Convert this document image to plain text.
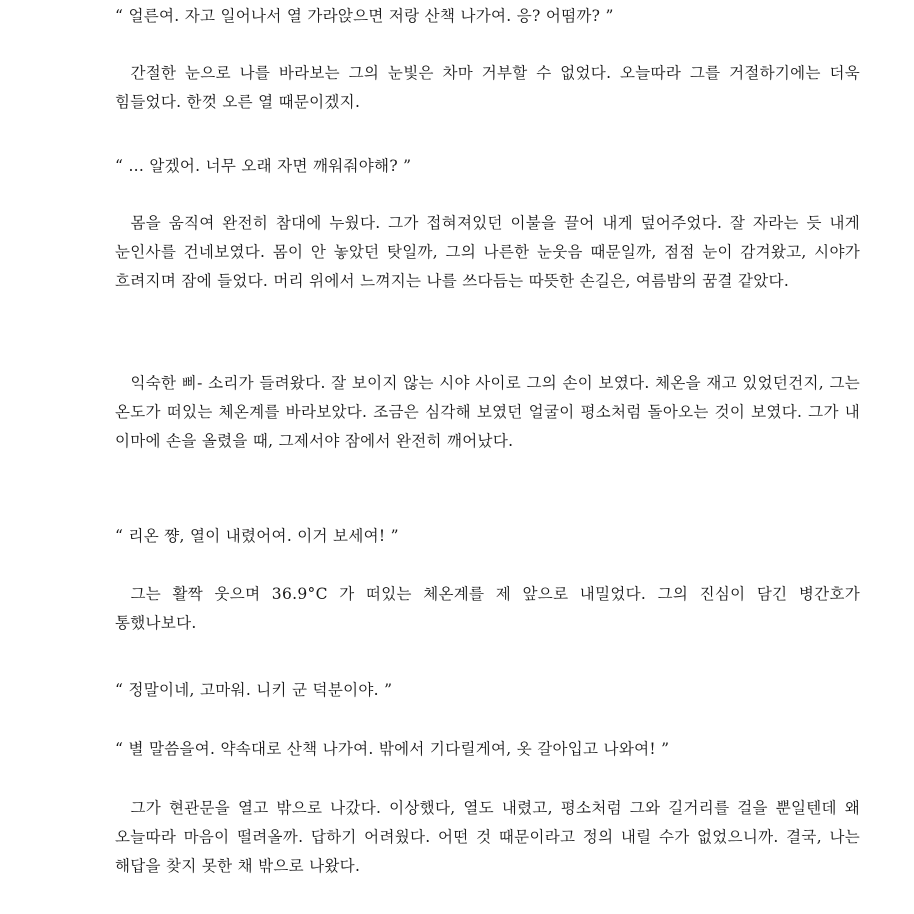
“ 얼른여. 자고 일어나서 열 가라앉으면 저랑 산책 나가여. 응? 어떰까? ”

간절한 눈으로 나를 바라보는 그의 눈빛은 차마 거부할 수 없었다. 오늘따라 그를 거절하기에는 더욱 힘들었다. 한껏 오른 열 때문이겠지.

“ ... 알겠어. 너무 오래 자면 깨워줘야해? ”

몸을 움직여 완전히 참대에 누웠다. 그가 접혀져있던 이불을 끌어 내게 덮어주었다. 잘 자라는 듯 내게 눈인사를 건네보였다. 몸이 안 놓았던 탓일까, 그의 나른한 눈웃음 때문일까, 점점 눈이 감겨왔고, 시야가 흐려지며 잠에 들었다. 머리 위에서 느껴지는 나를 쓰다듬는 따뜻한 손길은, 여름밤의 꿈결 같았다.

익숙한 삐- 소리가 들려왔다. 잘 보이지 않는 시야 사이로 그의 손이 보였다. 체온을 재고 있었던건지, 그는 온도가 떠있는 체온계를 바라보았다. 조금은 심각해 보였던 얼굴이 평소처럼 돌아오는 것이 보였다. 그가 내 이마에 손을 올렸을 때, 그제서야 잠에서 완전히 깨어났다.

“ 리온 쨩, 열이 내렸어여. 이거 보세여! ”

그는 활짝 웃으며 36.9°C 가 떠있는 체온계를 제 앞으로 내밀었다. 그의 진심이 담긴 병간호가 통했나보다.

“ 정말이네, 고마워. 니키 군 덕분이야. ”

“ 별 말씀을여. 약속대로 산책 나가여. 밖에서 기다릴게여, 옷 갈아입고 나와여! ”

그가 현관문을 열고 밖으로 나갔다. 이상했다, 열도 내렸고, 평소처럼 그와 길거리를 걸을 뿐일텐데 왜 오늘따라 마음이 떨려올까. 답하기 어려웠다. 어떤 것 때문이라고 정의 내릴 수가 없었으니까. 결국, 나는 해답을 찾지 못한 채 밖으로 나왔다.
